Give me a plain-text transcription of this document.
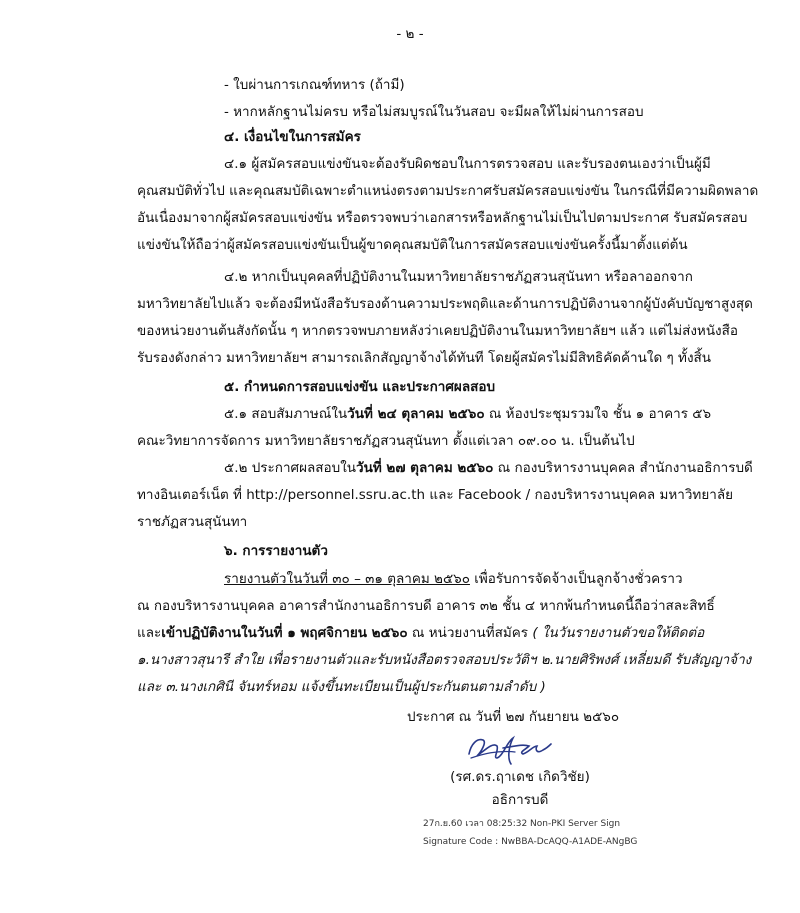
- ๒ -
- ใบผ่านการเกณฑ์ทหาร (ถ้ามี)
- หากหลักฐานไม่ครบ หรือไม่สมบูรณ์ในวันสอบ จะมีผลให้ไม่ผ่านการสอบ
๔. เงื่อนไขในการสมัคร
๔.๑ ผู้สมัครสอบแข่งขันจะต้องรับผิดชอบในการตรวจสอบ และรับรองตนเองว่าเป็นผู้มี
คุณสมบัติทั่วไป และคุณสมบัติเฉพาะตำแหน่งตรงตามประกาศรับสมัครสอบแข่งขัน ในกรณีที่มีความผิดพลาด
อันเนื่องมาจากผู้สมัครสอบแข่งขัน หรือตรวจพบว่าเอกสารหรือหลักฐานไม่เป็นไปตามประกาศ รับสมัครสอบ
แข่งขันให้ถือว่าผู้สมัครสอบแข่งขันเป็นผู้ขาดคุณสมบัติในการสมัครสอบแข่งขันครั้งนี้มาตั้งแต่ต้น
๔.๒ หากเป็นบุคคลที่ปฏิบัติงานในมหาวิทยาลัยราชภัฏสวนสุนันทา หรือลาออกจาก
มหาวิทยาลัยไปแล้ว จะต้องมีหนังสือรับรองด้านความประพฤติและด้านการปฏิบัติงานจากผู้บังคับบัญชาสูงสุด
ของหน่วยงานต้นสังกัดนั้น ๆ หากตรวจพบภายหลังว่าเคยปฏิบัติงานในมหาวิทยาลัยฯ แล้ว แต่ไม่ส่งหนังสือ
รับรองดังกล่าว มหาวิทยาลัยฯ สามารถเลิกสัญญาจ้างได้ทันที โดยผู้สมัครไม่มีสิทธิคัดค้านใด ๆ ทั้งสิ้น
๕. กำหนดการสอบแข่งขัน และประกาศผลสอบ
๕.๑ สอบสัมภาษณ์ในวันที่ ๒๔ ตุลาคม ๒๕๖๐ ณ ห้องประชุมรวมใจ ชั้น ๑ อาคาร ๕๖
คณะวิทยาการจัดการ มหาวิทยาลัยราชภัฏสวนสุนันทา ตั้งแต่เวลา ๐๙.๐๐ น. เป็นต้นไป
๕.๒ ประกาศผลสอบในวันที่ ๒๗ ตุลาคม ๒๕๖๐ ณ กองบริหารงานบุคคล สำนักงานอธิการบดี
ทางอินเตอร์เน็ต ที่ http://personnel.ssru.ac.th และ Facebook / กองบริหารงานบุคคล มหาวิทยาลัย
ราชภัฏสวนสุนันทา
๖. การรายงานตัว
รายงานตัวในวันที่ ๓๐ – ๓๑ ตุลาคม ๒๕๖๐ เพื่อรับการจัดจ้างเป็นลูกจ้างชั่วคราว
ณ กองบริหารงานบุคคล อาคารสำนักงานอธิการบดี อาคาร ๓๒ ชั้น ๔ หากพ้นกำหนดนี้ถือว่าสละสิทธิ์
และเข้าปฏิบัติงานในวันที่ ๑ พฤศจิกายน ๒๕๖๐ ณ หน่วยงานที่สมัคร ( ในวันรายงานตัวขอให้ติดต่อ
๑.นางสาวสุนารี สำใย เพื่อรายงานตัวและรับหนังสือตรวจสอบประวัติฯ ๒.นายศิริพงศ์ เหลี่ยมดี รับสัญญาจ้าง
และ ๓.นางเกศินี จันทร์หอม แจ้งขึ้นทะเบียนเป็นผู้ประกันตนตามลำดับ )
ประกาศ ณ วันที่ ๒๗ กันยายน ๒๕๖๐
(รศ.ดร.ฤาเดช เกิดวิชัย)
อธิการบดี
27ก.ย.60 เวลา 08:25:32 Non-PKI Server Sign
Signature Code : NwBBA-DcAQQ-A1ADE-ANgBG
